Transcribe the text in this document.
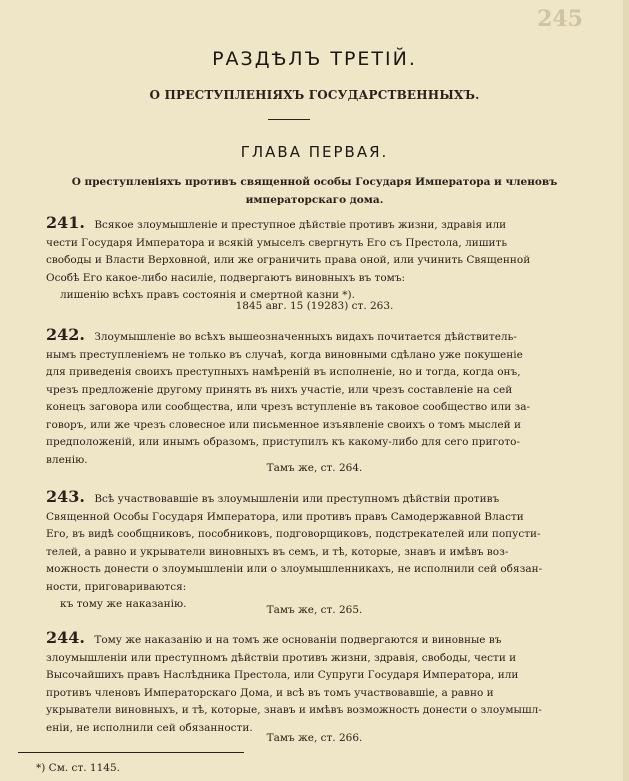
245
РАЗДѢЛЪ ТРЕТІЙ.
О ПРЕСТУПЛЕНІЯХЪ ГОСУДАРСТВЕННЫХЪ.
ГЛАВА ПЕРВАЯ.
О преступленіяхъ противъ священной особы Государя Императора и членовъ
императорскаго дома.
241. Всякое злоумышленіе и преступное дѣйствіе противъ жизни, здравія или
чести Государя Императора и всякій умыселъ свергнуть Его съ Престола, лишить
свободы и Власти Верховной, или же ограничить права оной, или учинить Священной
Особѣ Его какое-либо насиліе, подвергаютъ виновныхъ въ томъ:
лишенію всѣхъ правъ состоянія и смертной казни *).
1845 авг. 15 (19283) ст. 263.
242. Злоумышленіе во всѣхъ вышеозначенныхъ видахъ почитается дѣйствитель-
нымъ преступленіемъ не только въ случаѣ, когда виновными сдѣлано уже покушеніе
для приведенія своихъ преступныхъ намѣреній въ исполненіе, но и тогда, когда онъ,
чрезъ предложеніе другому принять въ нихъ участіе, или чрезъ составленіе на сей
конецъ заговора или сообщества, или чрезъ вступленіе въ таковое сообщество или за-
говоръ, или же чрезъ словесное или письменное изъявленіе своихъ о томъ мыслей и
предположеній, или инымъ образомъ, приступилъ къ какому-либо для сего пригото-
вленію.
Тамъ же, ст. 264.
243. Всѣ участвовавшіе въ злоумышленіи или преступномъ дѣйствіи противъ
Священной Особы Государя Императора, или противъ правъ Самодержавной Власти
Его, въ видѣ сообщниковъ, пособниковъ, подговорщиковъ, подстрекателей или попусти-
телей, а равно и укрыватели виновныхъ въ семъ, и тѣ, которые, знавъ и имѣвъ воз-
можность донести о злоумышленіи или о злоумышленникахъ, не исполнили сей обязан-
ности, приговариваются:
къ тому же наказанію.	Тамъ же, ст. 265.
244. Тому же наказанію и на томъ же основаніи подвергаются и виновные въ
злоумышленіи или преступномъ дѣйствіи противъ жизни, здравія, свободы, чести и
Высочайшихъ правъ Наслѣдника Престола, или Супруги Государя Императора, или
противъ членовъ Императорскаго Дома, и всѣ въ томъ участвовавшіе, а равно и
укрыватели виновныхъ, и тѣ, которые, знавъ и имѣвъ возможность донести о злоумышл-
еніи, не исполнили сей обязанности.
Тамъ же, ст. 266.
*) См. ст. 1145.
